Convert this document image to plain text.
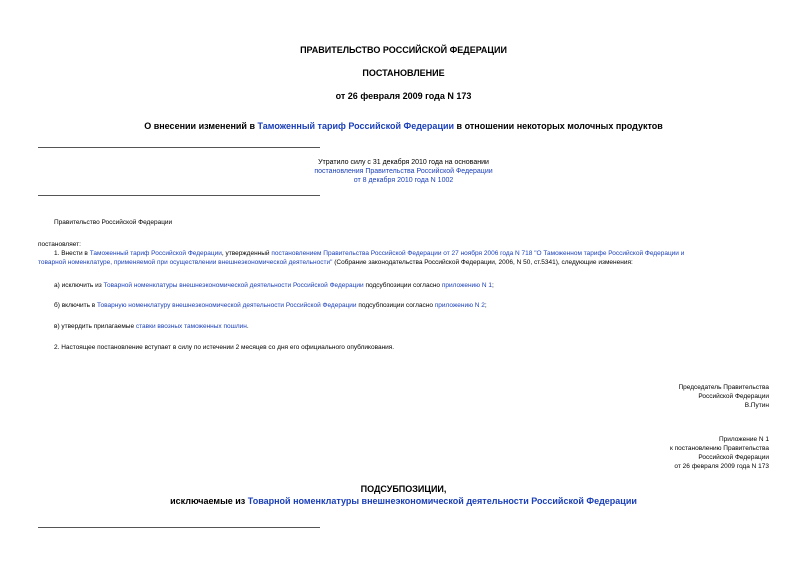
ПРАВИТЕЛЬСТВО РОССИЙСКОЙ ФЕДЕРАЦИИ
ПОСТАНОВЛЕНИЕ
от 26 февраля 2009 года N 173
О внесении изменений в Таможенный тариф Российской Федерации в отношении некоторых молочных продуктов
Утратило силу с 31 декабря 2010 года на основании
постановления Правительства Российской Федерации
от 8 декабря 2010 года N 1002
Правительство Российской Федерации
постановляет:
1. Внести в Таможенный тариф Российской Федерации, утвержденный постановлением Правительства Российской Федерации от 27 ноября 2006 года N 718 "О Таможенном тарифе Российской Федерации и
товарной номенклатуре, применяемой при осуществлении внешнеэкономической деятельности" (Собрание законодательства Российской Федерации, 2006, N 50, ст.5341), следующие изменения:
а) исключить из Товарной номенклатуры внешнеэкономической деятельности Российской Федерации подсубпозиции согласно приложению N 1;
б) включить в Товарную номенклатуру внешнеэкономической деятельности Российской Федерации подсубпозиции согласно приложению N 2;
в) утвердить прилагаемые ставки ввозных таможенных пошлин.
2. Настоящее постановление вступает в силу по истечении 2 месяцев со дня его официального опубликования.
Председатель Правительства
Российской Федерации
В.Путин
Приложение N 1
к постановлению Правительства
Российской Федерации
от 26 февраля 2009 года N 173
ПОДСУБПОЗИЦИИ,
исключаемые из Товарной номенклатуры внешнеэкономической деятельности Российской Федерации
